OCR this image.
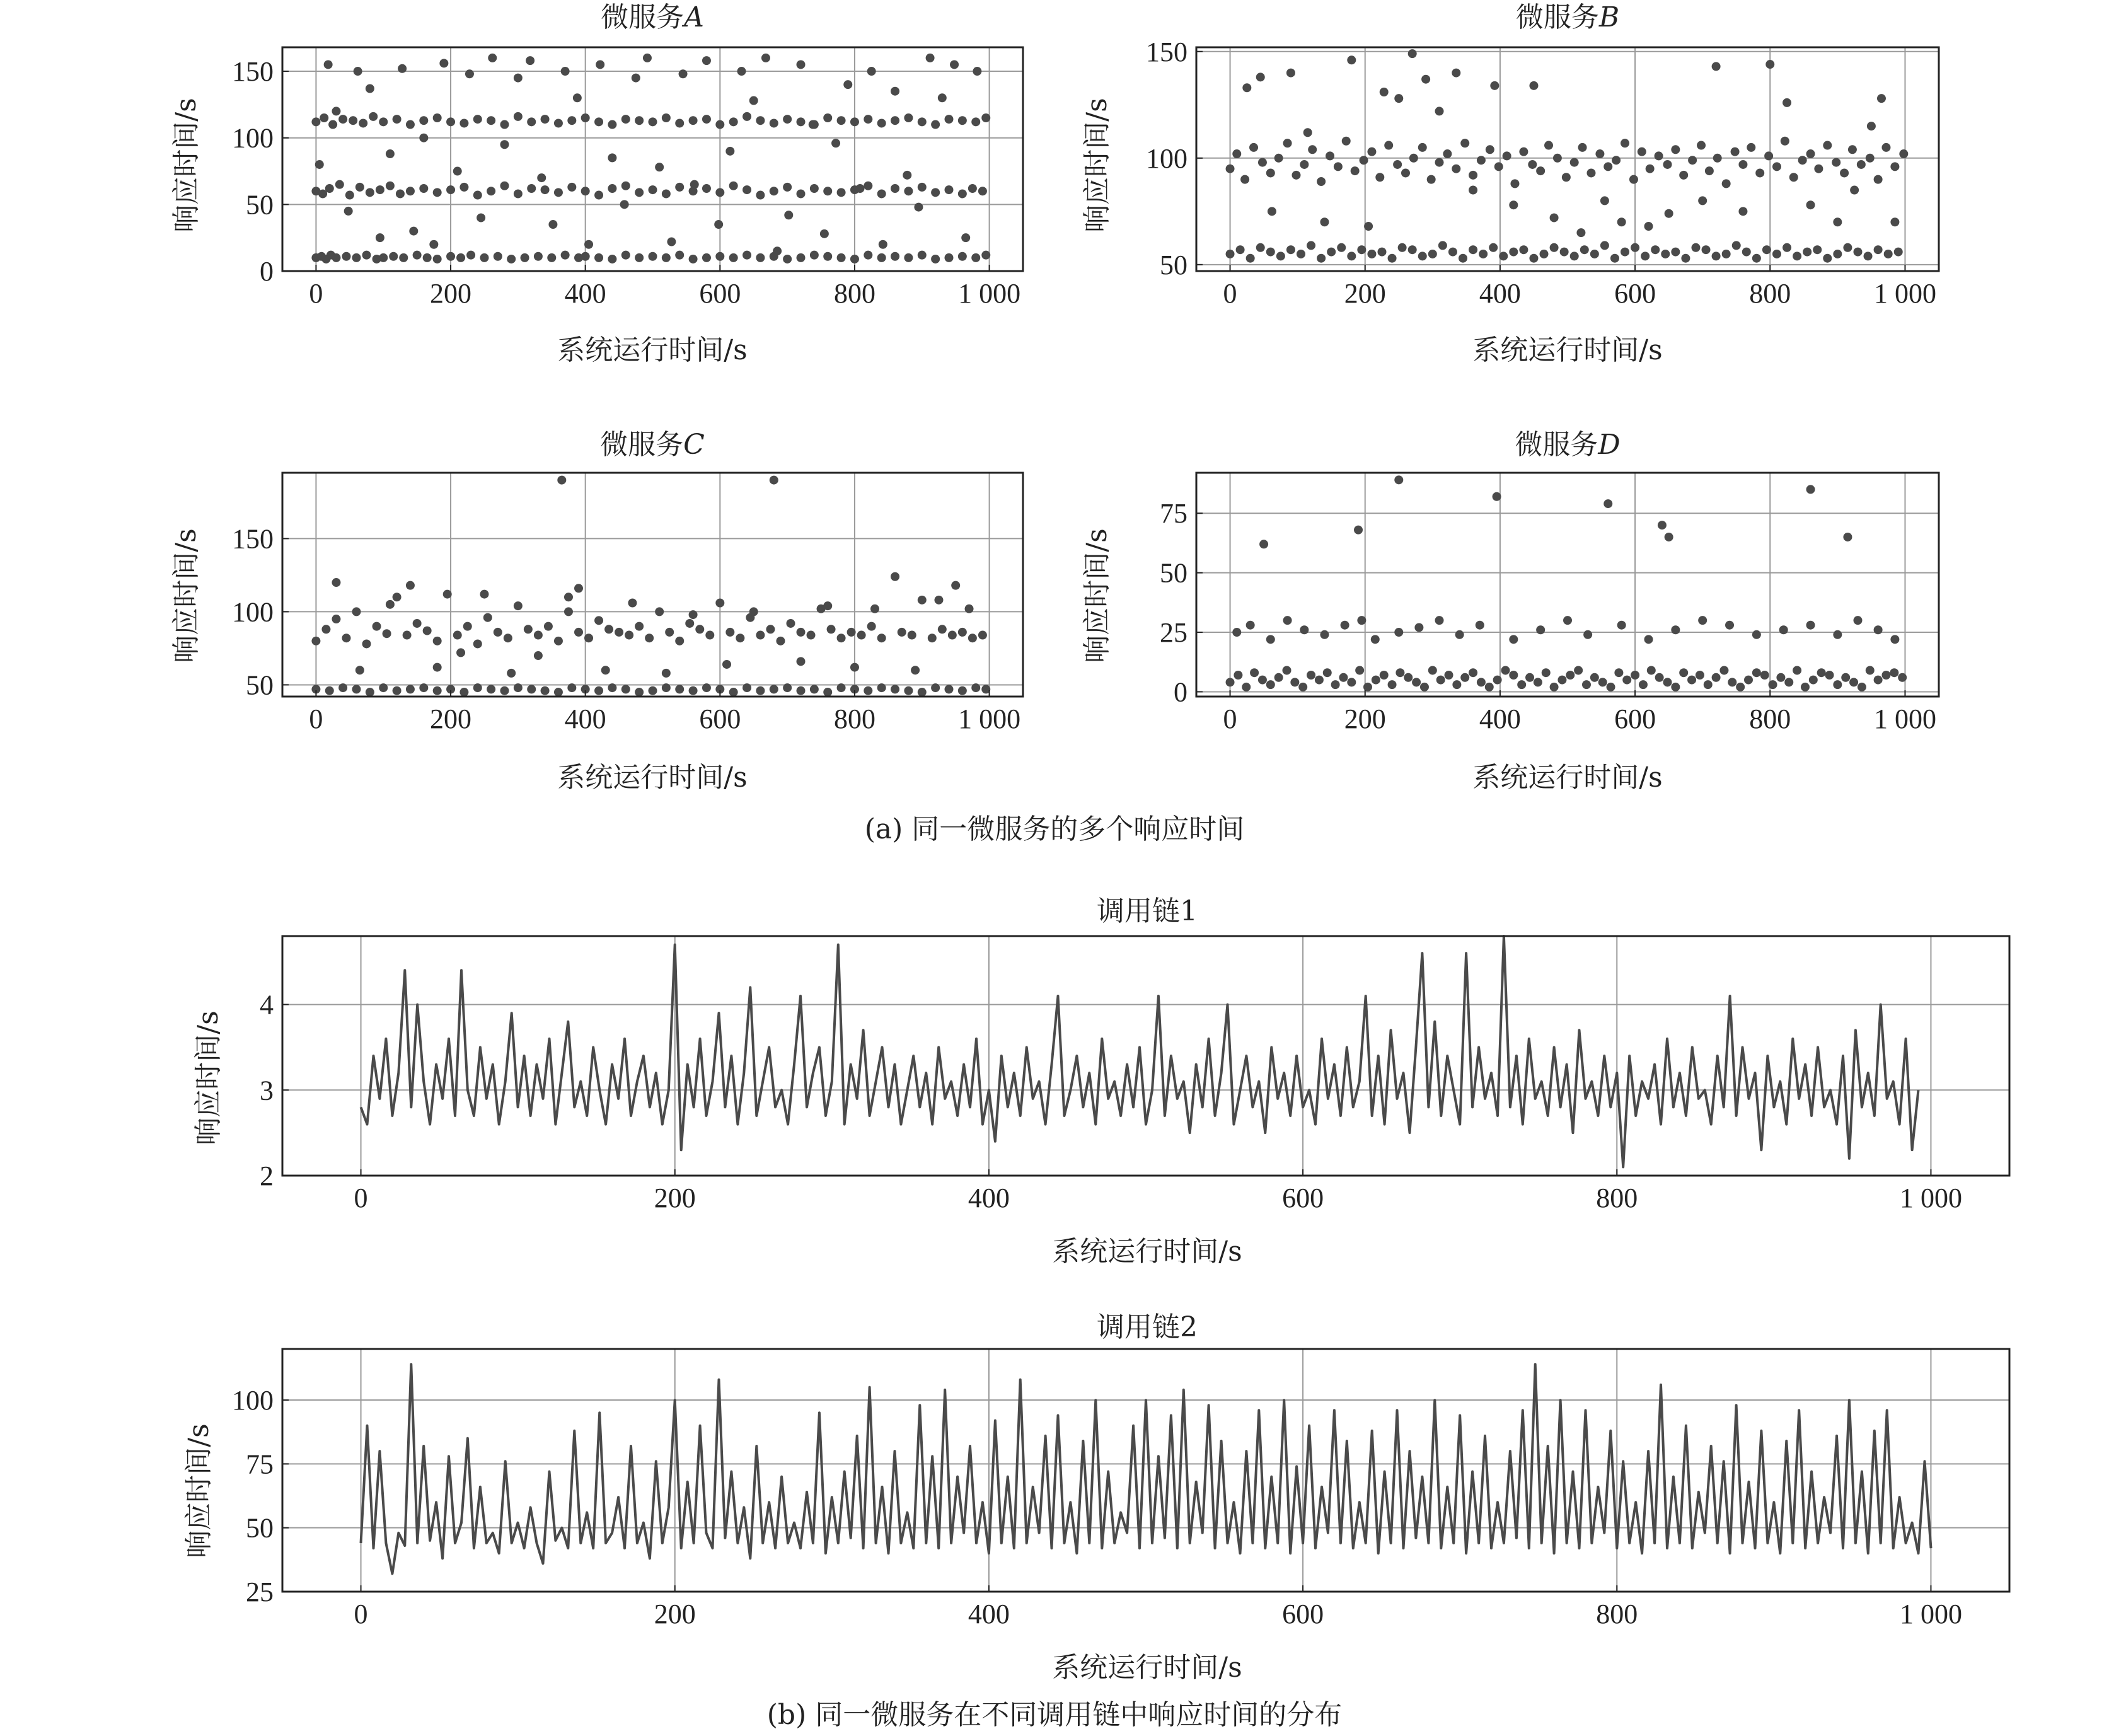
微服务A
0	200	400	600	800	1 000
0
50
100
150
系统运行时间/s
响应时间/s
微服务B
0	200	400	600	800	1 000
50
100
150
系统运行时间/s
响应时间/s
微服务C
0	200	400	600	800	1 000
50
100
150
系统运行时间/s
响应时间/s
微服务D
0	200	400	600	800	1 000
0
25
50
75
系统运行时间/s
响应时间/s
(a) 同一微服务的多个响应时间
调用链1
0	200	400	600	800	1 000
2
3
4
系统运行时间/s
响应时间/s
调用链2
0	200	400	600	800	1 000
25
50
75
100
系统运行时间/s
响应时间/s
(b) 同一微服务在不同调用链中响应时间的分布
